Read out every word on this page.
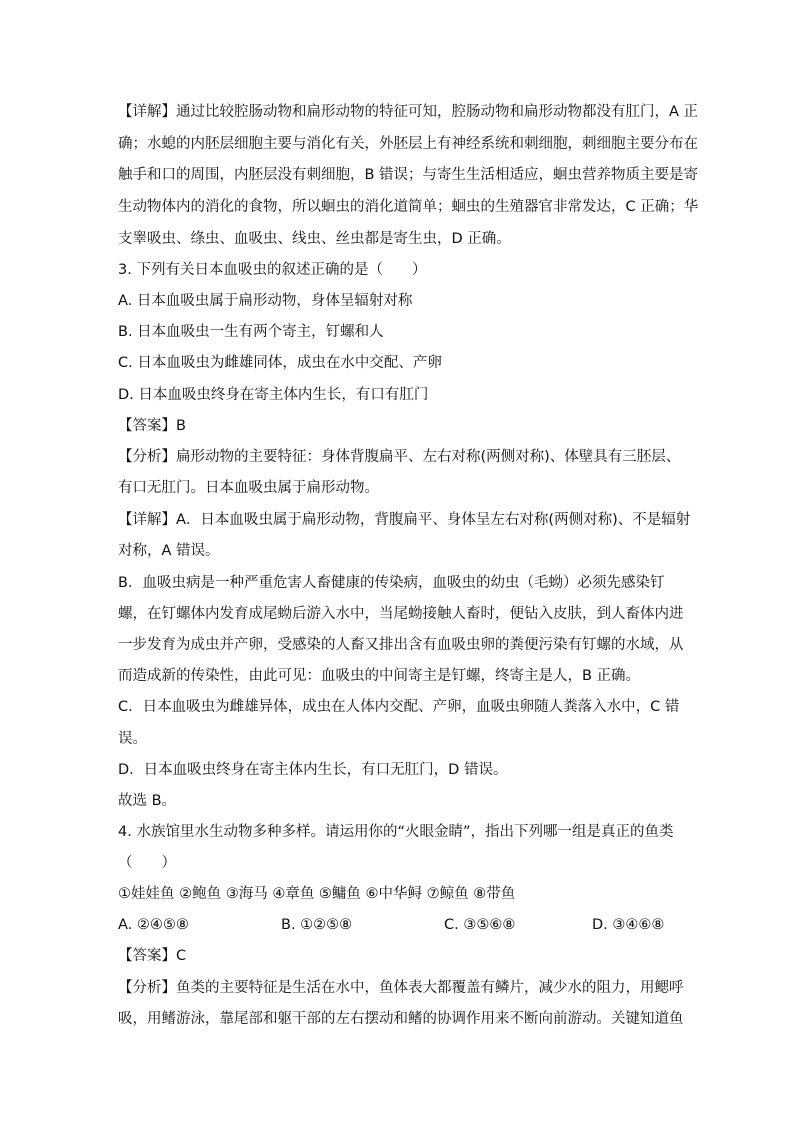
【详解】通过比较腔肠动物和扁形动物的特征可知，腔肠动物和扁形动物都没有肛门，A 正
确；水螅的内胚层细胞主要与消化有关，外胚层上有神经系统和刺细胞，刺细胞主要分布在
触手和口的周围，内胚层没有刺细胞，B 错误；与寄生生活相适应，蛔虫营养物质主要是寄
生动物体内的消化的食物，所以蛔虫的消化道简单；蛔虫的生殖器官非常发达，C 正确；华
支睾吸虫、绦虫、血吸虫、线虫、丝虫都是寄生虫，D 正确。
3. 下列有关日本血吸虫的叙述正确的是（　　）
A. 日本血吸虫属于扁形动物，身体呈辐射对称
B. 日本血吸虫一生有两个寄主，钉螺和人
C. 日本血吸虫为雌雄同体，成虫在水中交配、产卵
D. 日本血吸虫终身在寄主体内生长，有口有肛门
【答案】B
【分析】扁形动物的主要特征：身体背腹扁平、左右对称(两侧对称)、体壁具有三胚层、
有口无肛门。日本血吸虫属于扁形动物。
【详解】A．日本血吸虫属于扁形动物，背腹扁平、身体呈左右对称(两侧对称)、不是辐射
对称，A 错误。
B．血吸虫病是一种严重危害人畜健康的传染病，血吸虫的幼虫（毛蚴）必须先感染钉
螺，在钉螺体内发育成尾蚴后游入水中，当尾蚴接触人畜时，便钻入皮肤，到人畜体内进
一步发育为成虫并产卵，受感染的人畜又排出含有血吸虫卵的粪便污染有钉螺的水域，从
而造成新的传染性，由此可见：血吸虫的中间寄主是钉螺，终寄主是人，B 正确。
C．日本血吸虫为雌雄异体，成虫在人体内交配、产卵，血吸虫卵随人粪落入水中，C 错
误。
D．日本血吸虫终身在寄主体内生长，有口无肛门，D 错误。
故选 B。
4. 水族馆里水生动物多种多样。请运用你的“火眼金睛”，指出下列哪一组是真正的鱼类
（　　）
①娃娃鱼 ②鲍鱼 ③海马 ④章鱼 ⑤鳙鱼 ⑥中华鲟 ⑦鲸鱼 ⑧带鱼
A. ②④⑤⑧	B. ①②⑤⑧	C. ③⑤⑥⑧	D. ③④⑥⑧
【答案】C
【分析】鱼类的主要特征是生活在水中，鱼体表大都覆盖有鳞片，减少水的阻力，用鳃呼
吸，用鳍游泳，靠尾部和躯干部的左右摆动和鳍的协调作用来不断向前游动。关键知道鱼
